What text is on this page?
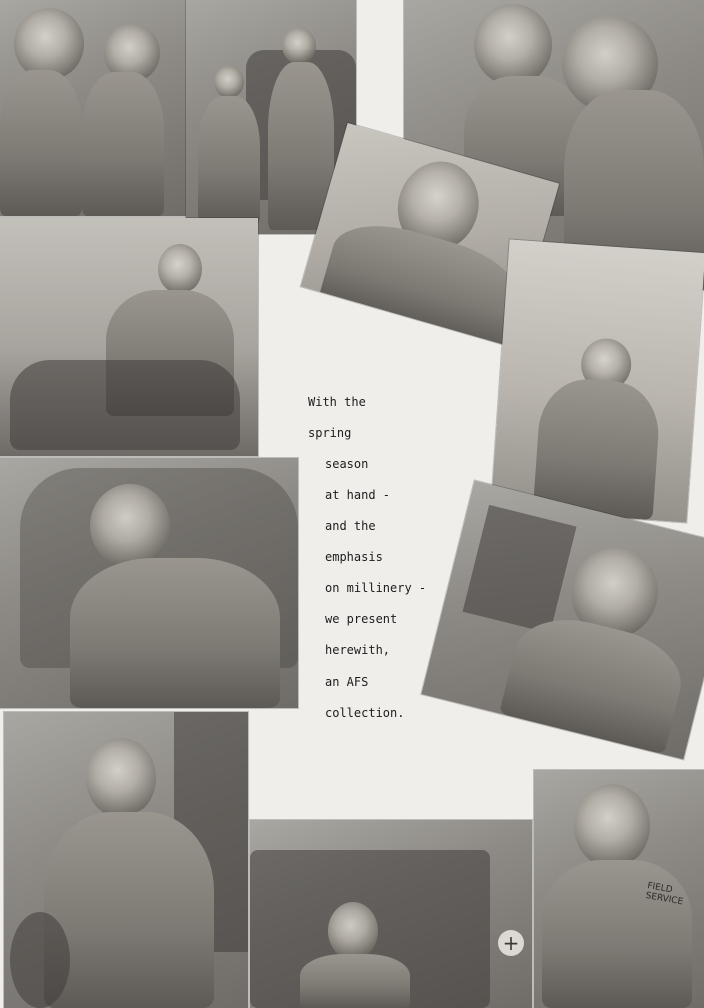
+
FIELD SERVICE
With the
spring
season
at hand -
and the
emphasis
on millinery -
we present
herewith,
an AFS
collection.
